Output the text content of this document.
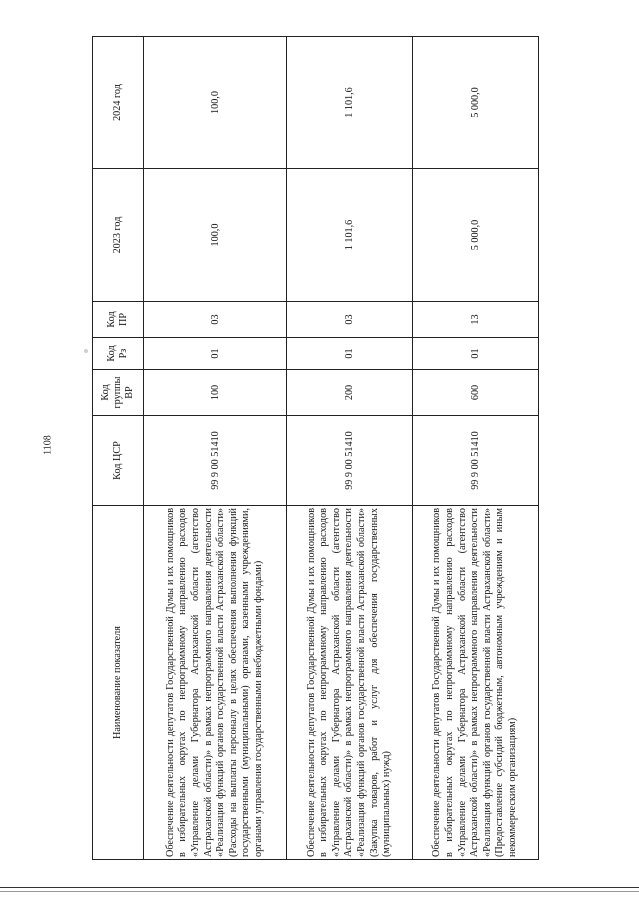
1108
Наименование показателя	Код ЦСР	Код группы ВР	Код Рз	Код ПР	2023 год	2024 год
Обеспечение деятельности депутатов Государственной Думы и их помощников в избирательных округах по непрограммному направлению расходов «Управление делами Губернатора Астраханской области (агентство Астраханской области)» в рамках непрограммного направления деятельности «Реализация функций органов государственной власти Астраханской области» (Расходы на выплаты персоналу в целях обеспечения выполнения функций государственными (муниципальными) органами, казенными учреждениями, органами управления государственными внебюджетными фондами)	99 9 00 51410	100	01	03	100,0	100,0
Обеспечение деятельности депутатов Государственной Думы и их помощников в избирательных округах по непрограммному направлению расходов «Управление делами Губернатора Астраханской области (агентство Астраханской области)» в рамках непрограммного направления деятельности «Реализация функций органов государственной власти Астраханской области» (Закупка товаров, работ и услуг для обеспечения государственных (муниципальных) нужд)	99 9 00 51410	200	01	03	1 101,6	1 101,6
Обеспечение деятельности депутатов Государственной Думы и их помощников в избирательных округах по непрограммному направлению расходов «Управление делами Губернатора Астраханской области (агентство Астраханской области)» в рамках непрограммного направления деятельности «Реализация функций органов государственной власти Астраханской области» (Предоставление субсидий бюджетным, автономным учреждениям и иным некоммерческим организациям)	99 9 00 51410	600	01	13	5 000,0	5 000,0
